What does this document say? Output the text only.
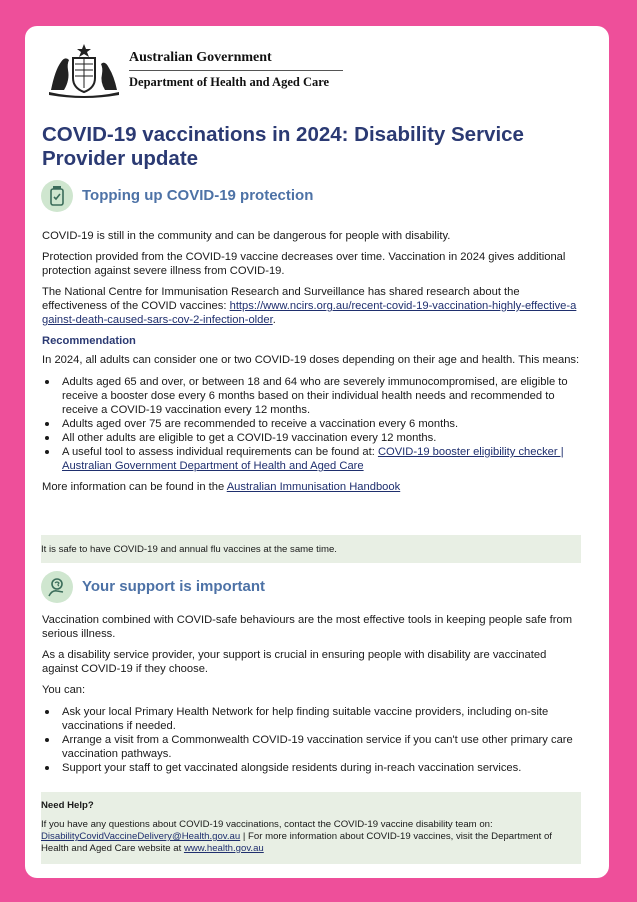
Australian Government
Department of Health and Aged Care
COVID-19 vaccinations in 2024: Disability Service Provider update
Topping up COVID-19 protection

COVID-19 is still in the community and can be dangerous for people with disability.

Protection provided from the COVID-19 vaccine decreases over time. Vaccination in 2024 gives additional protection against severe illness from COVID-19.

The National Centre for Immunisation Research and Surveillance has shared research about the effectiveness of the COVID vaccines: https://www.ncirs.org.au/recent-covid-19-vaccination-highly-effective-against-death-caused-sars-cov-2-infection-older.

Recommendation

In 2024, all adults can consider one or two COVID-19 doses depending on their age and health. This means:

Adults aged 65 and over, or between 18 and 64 who are severely immunocompromised, are eligible to receive a booster dose every 6 months based on their individual health needs and recommended to receive a COVID-19 vaccination every 12 months.
Adults aged over 75 are recommended to receive a vaccination every 6 months.
All other adults are eligible to get a COVID-19 vaccination every 12 months.
A useful tool to assess individual requirements can be found at: COVID-19 booster eligibility checker | Australian Government Department of Health and Aged Care

More information can be found in the Australian Immunisation Handbook

It is safe to have COVID-19 and annual flu vaccines at the same time.

Your support is important

Vaccination combined with COVID-safe behaviours are the most effective tools in keeping people safe from serious illness.

As a disability service provider, your support is crucial in ensuring people with disability are vaccinated against COVID-19 if they choose.

You can:

Ask your local Primary Health Network for help finding suitable vaccine providers, including on-site vaccinations if needed.
Arrange a visit from a Commonwealth COVID-19 vaccination service if you can't use other primary care vaccination pathways.
Support your staff to get vaccinated alongside residents during in-reach vaccination services.

Need Help?

If you have any questions about COVID-19 vaccinations, contact the COVID-19 vaccine disability team on: DisabilityCovidVaccineDelivery@Health.gov.au | For more information about COVID-19 vaccines, visit the Department of Health and Aged Care website at www.health.gov.au
